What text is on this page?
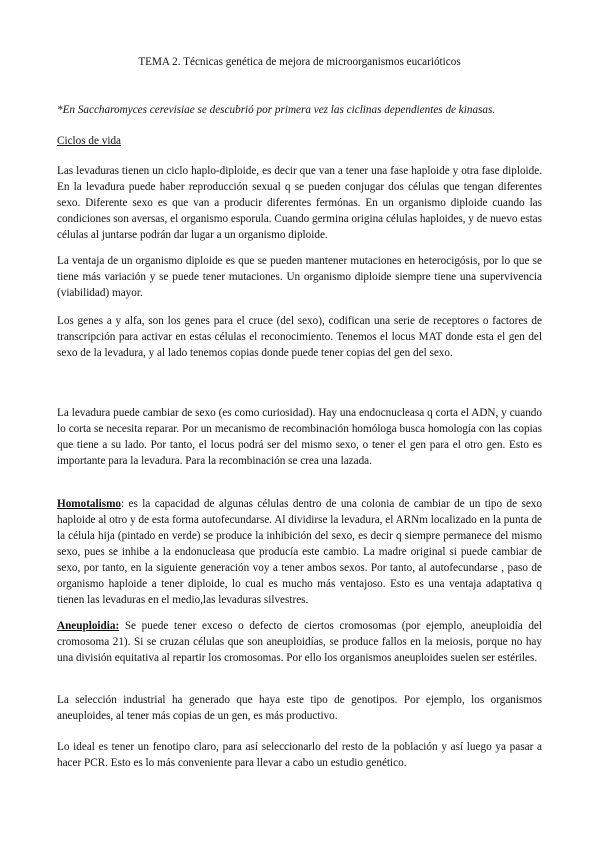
TEMA 2. Técnicas genética de mejora de microorganismos eucarióticos
*En Saccharomyces cerevisiae se descubrió por primera vez las ciclinas dependientes de kinasas.
Ciclos de vida

Las levaduras tienen un ciclo haplo-diploide, es decir que van a tener una fase haploide y otra fase diploide. En la levadura puede haber reproducción sexual q se pueden conjugar dos células que tengan diferentes sexo. Diferente sexo es que van a producir diferentes fermónas. En un organismo diploide cuando las condiciones son aversas, el organismo esporula. Cuando germina origina células haploides, y de nuevo estas células al juntarse podrán dar lugar a un organismo diploide.

La ventaja de un organismo diploide es que se pueden mantener mutaciones en heterocigósis, por lo que se tiene más variación y se puede tener mutaciones. Un organismo diploide siempre tiene una supervivencia (viabilidad) mayor.

Los genes a y alfa, son los genes para el cruce (del sexo), codifican una serie de receptores o factores de transcripción para activar en estas células el reconocimiento. Tenemos el locus MAT donde esta el gen del sexo de la levadura, y al lado tenemos copias donde puede tener copias del gen del sexo.

La levadura puede cambiar de sexo (es como curiosidad). Hay una endocnucleasa q corta el ADN, y cuando lo corta se necesita reparar. Por un mecanismo de recombinación homóloga busca homología con las copias que tiene a su lado. Por tanto, el locus podrá ser del mismo sexo, o tener el gen para el otro gen. Esto es importante para la levadura. Para la recombinación se crea una lazada.

Homotalismo: es la capacidad de algunas células dentro de una colonia de cambiar de un tipo de sexo haploide al otro y de esta forma autofecundarse. Al dividirse la levadura, el ARNm localizado en la punta de la célula hija (pintado en verde) se produce la inhibición del sexo, es decir q siempre permanece del mismo sexo, pues se inhibe a la endonucleasa que producía este cambio. La madre original si puede cambiar de sexo, por tanto, en la siguiente generación voy a tener ambos sexos. Por tanto, al autofecundarse , paso de organismo haploide a tener diploide, lo cual es mucho más ventajoso. Esto es una ventaja adaptativa q tienen las levaduras en el medio,las levaduras silvestres.

Aneuploidia: Se puede tener exceso o defecto de ciertos cromosomas (por ejemplo, aneuploidía del cromosoma 21). Si se cruzan células que son aneuploidías, se produce fallos en la meiosis, porque no hay una división equitativa al repartir los cromosomas. Por ello los organismos aneuploides suelen ser estériles.

La selección industrial ha generado que haya este tipo de genotipos. Por ejemplo, los organismos aneuploides, al tener más copias de un gen, es más productivo.

Lo ideal es tener un fenotipo claro, para así seleccionarlo del resto de la población y así luego ya pasar a hacer PCR. Esto es lo más conveniente para llevar a cabo un estudio genético.
